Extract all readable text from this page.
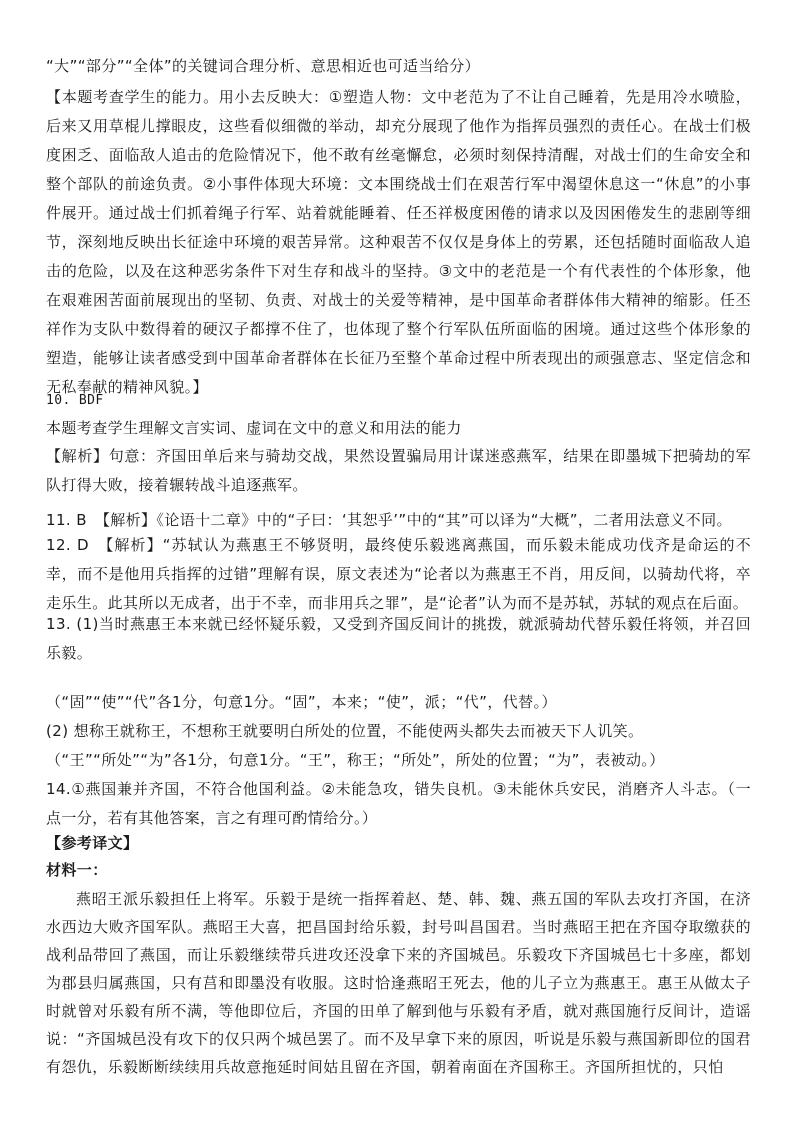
“大”“部分”“全体”的关键词合理分析、意思相近也可适当给分）

【本题考查学生的能力。用小去反映大：①塑造人物：文中老范为了不让自己睡着，先是用冷水喷脸，后来又用草棍儿撑眼皮，这些看似细微的举动，却充分展现了他作为指挥员强烈的责任心。在战士们极度困乏、面临敌人追击的危险情况下，他不敢有丝毫懈怠，必须时刻保持清醒，对战士们的生命安全和整个部队的前途负责。②小事件体现大环境：文本围绕战士们在艰苦行军中渴望休息这一“休息”的小事件展开。通过战士们抓着绳子行军、站着就能睡着、任丕祥极度困倦的请求以及因困倦发生的悲剧等细节，深刻地反映出长征途中环境的艰苦异常。这种艰苦不仅仅是身体上的劳累，还包括随时面临敌人追击的危险，以及在这种恶劣条件下对生存和战斗的坚持。③文中的老范是一个有代表性的个体形象，他在艰难困苦面前展现出的坚韧、负责、对战士的关爱等精神，是中国革命者群体伟大精神的缩影。任丕祥作为支队中数得着的硬汉子都撑不住了，也体现了整个行军队伍所面临的困境。通过这些个体形象的塑造，能够让读者感受到中国革命者群体在长征乃至整个革命过程中所表现出的顽强意志、坚定信念和无私奉献的精神风貌。】

10. BDF

本题考查学生理解文言实词、虚词在文中的意义和用法的能力

【解析】句意：齐国田单后来与骑劫交战，果然设置骗局用计谋迷惑燕军，结果在即墨城下把骑劫的军队打得大败，接着辗转战斗追逐燕军。

11. B　【解析】《论语十二章》中的“子曰：‘其恕乎’”中的“其”可以译为“大概”，二者用法意义不同。

12. D　【解析】“苏轼认为燕惠王不够贤明，最终使乐毅逃离燕国，而乐毅未能成功伐齐是命运的不幸，而不是他用兵指挥的过错”理解有误，原文表述为“论者以为燕惠王不肖，用反间，以骑劫代将，卒走乐生。此其所以无成者，出于不幸，而非用兵之罪”，是“论者”认为而不是苏轼，苏轼的观点在后面。

13. (1)当时燕惠王本来就已经怀疑乐毅，又受到齐国反间计的挑拨，就派骑劫代替乐毅任将领，并召回乐毅。

（“固”“使”“代”各1分，句意1分。“固”，本来；“使”，派；“代”，代替。）

(2) 想称王就称王，不想称王就要明白所处的位置，不能使两头都失去而被天下人讥笑。

（“王”“所处”“为”各1分，句意1分。“王”，称王；“所处”，所处的位置；“为”，表被动。）

14.①燕国兼并齐国，不符合他国利益。②未能急攻，错失良机。③未能休兵安民，消磨齐人斗志。（一点一分，若有其他答案，言之有理可酌情给分。）

【参考译文】

材料一：

燕昭王派乐毅担任上将军。乐毅于是统一指挥着赵、楚、韩、魏、燕五国的军队去攻打齐国，在济水西边大败齐国军队。燕昭王大喜，把昌国封给乐毅，封号叫昌国君。当时燕昭王把在齐国夺取缴获的战利品带回了燕国，而让乐毅继续带兵进攻还没拿下来的齐国城邑。乐毅攻下齐国城邑七十多座，都划为郡县归属燕国，只有莒和即墨没有收服。这时恰逢燕昭王死去，他的儿子立为燕惠王。惠王从做太子时就曾对乐毅有所不满，等他即位后，齐国的田单了解到他与乐毅有矛盾，就对燕国施行反间计，造谣说：“齐国城邑没有攻下的仅只两个城邑罢了。而不及早拿下来的原因，听说是乐毅与燕国新即位的国君有怨仇，乐毅断断续续用兵故意拖延时间姑且留在齐国，朝着南面在齐国称王。齐国所担忧的，只怕
